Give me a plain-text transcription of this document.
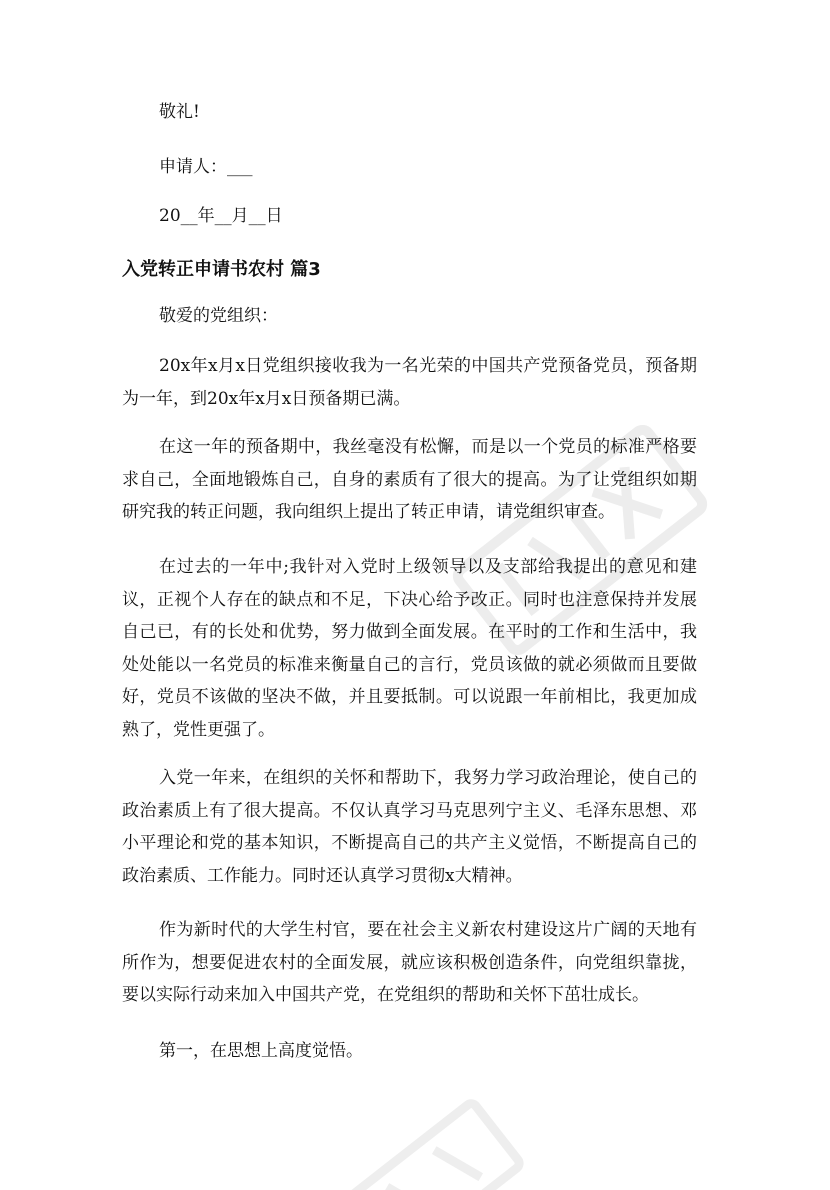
敬礼!

申请人：___

20__年__月__日

入党转正申请书农村 篇3

敬爱的党组织：

20x年x月x日党组织接收我为一名光荣的中国共产党预备党员，预备期为一年，到20x年x月x日预备期已满。

在这一年的预备期中，我丝毫没有松懈，而是以一个党员的标准严格要求自己，全面地锻炼自己，自身的素质有了很大的提高。为了让党组织如期研究我的转正问题，我向组织上提出了转正申请，请党组织审查。

在过去的一年中;我针对入党时上级领导以及支部给我提出的意见和建议，正视个人存在的缺点和不足，下决心给予改正。同时也注意保持并发展自己已，有的长处和优势，努力做到全面发展。在平时的工作和生活中，我处处能以一名党员的标准来衡量自己的言行，党员该做的就必须做而且要做好，党员不该做的坚决不做，并且要抵制。可以说跟一年前相比，我更加成熟了，党性更强了。

入党一年来，在组织的关怀和帮助下，我努力学习政治理论，使自己的政治素质上有了很大提高。不仅认真学习马克思列宁主义、毛泽东思想、邓小平理论和党的基本知识，不断提高自己的共产主义觉悟，不断提高自己的政治素质、工作能力。同时还认真学习贯彻x大精神。

作为新时代的大学生村官，要在社会主义新农村建设这片广阔的天地有所作为，想要促进农村的全面发展，就应该积极创造条件，向党组织靠拢，要以实际行动来加入中国共产党，在党组织的帮助和关怀下茁壮成长。

第一，在思想上高度觉悟。
